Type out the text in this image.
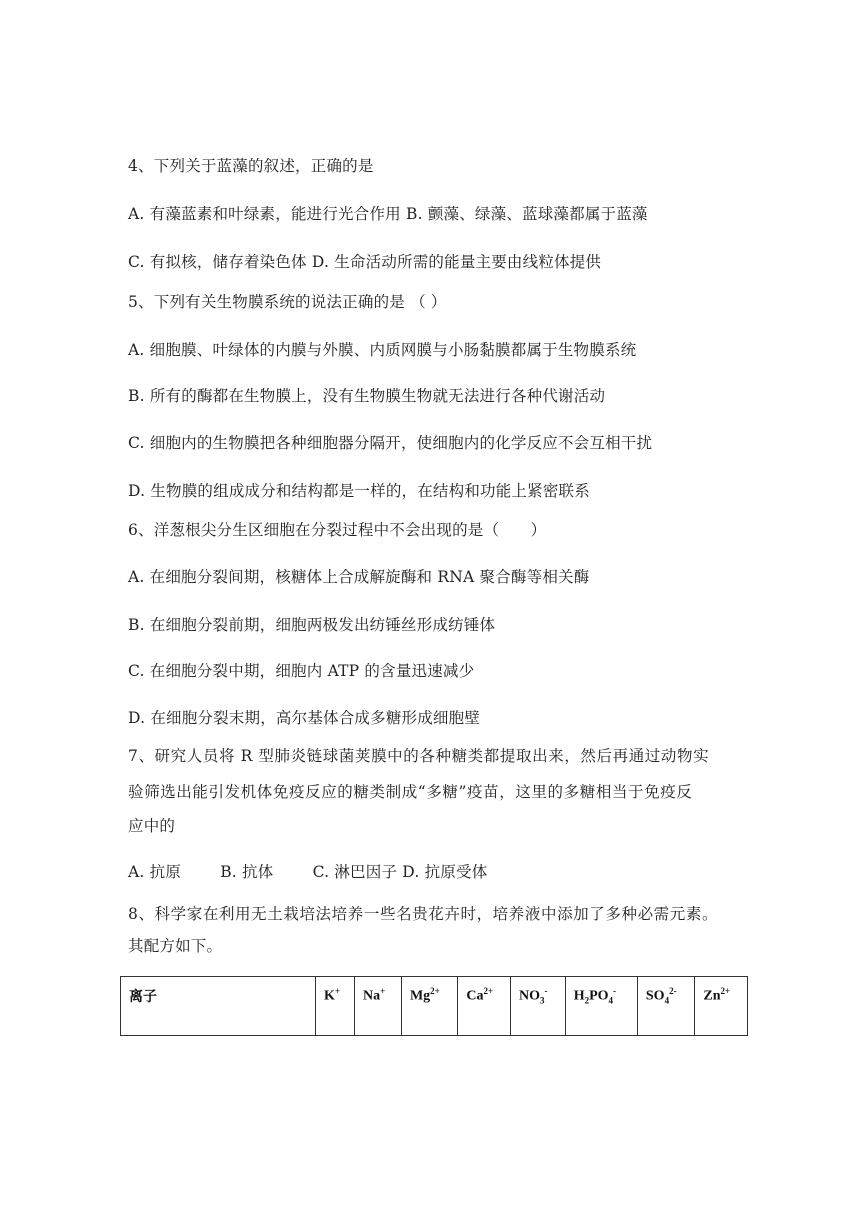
4、下列关于蓝藻的叙述，正确的是
A. 有藻蓝素和叶绿素，能进行光合作用 B. 颤藻、绿藻、蓝球藻都属于蓝藻
C. 有拟核，储存着染色体 D. 生命活动所需的能量主要由线粒体提供
5、下列有关生物膜系统的说法正确的是 （ ）
A. 细胞膜、叶绿体的内膜与外膜、内质网膜与小肠黏膜都属于生物膜系统
B. 所有的酶都在生物膜上，没有生物膜生物就无法进行各种代谢活动
C. 细胞内的生物膜把各种细胞器分隔开，使细胞内的化学反应不会互相干扰
D. 生物膜的组成成分和结构都是一样的，在结构和功能上紧密联系
6、洋葱根尖分生区细胞在分裂过程中不会出现的是（　　）
A. 在细胞分裂间期，核糖体上合成解旋酶和 RNA 聚合酶等相关酶
B. 在细胞分裂前期，细胞两极发出纺锤丝形成纺锤体
C. 在细胞分裂中期，细胞内 ATP 的含量迅速减少
D. 在细胞分裂末期，高尔基体合成多糖形成细胞壁
7、研究人员将 R 型肺炎链球菌荚膜中的各种糖类都提取出来，然后再通过动物实
验筛选出能引发机体免疫反应的糖类制成“多糖”疫苗，这里的多糖相当于免疫反
应中的
A. 抗原	B. 抗体	C. 淋巴因子 D. 抗原受体
8、科学家在利用无土栽培法培养一些名贵花卉时，培养液中添加了多种必需元素。
其配方如下。
离子	K+	Na+	$Mg^{2+}$	$Ca^{2+}$	$NO_3^-$	$H_2PO_4^-$	$SO_4^{2-}$	$Zn^{2+}$
